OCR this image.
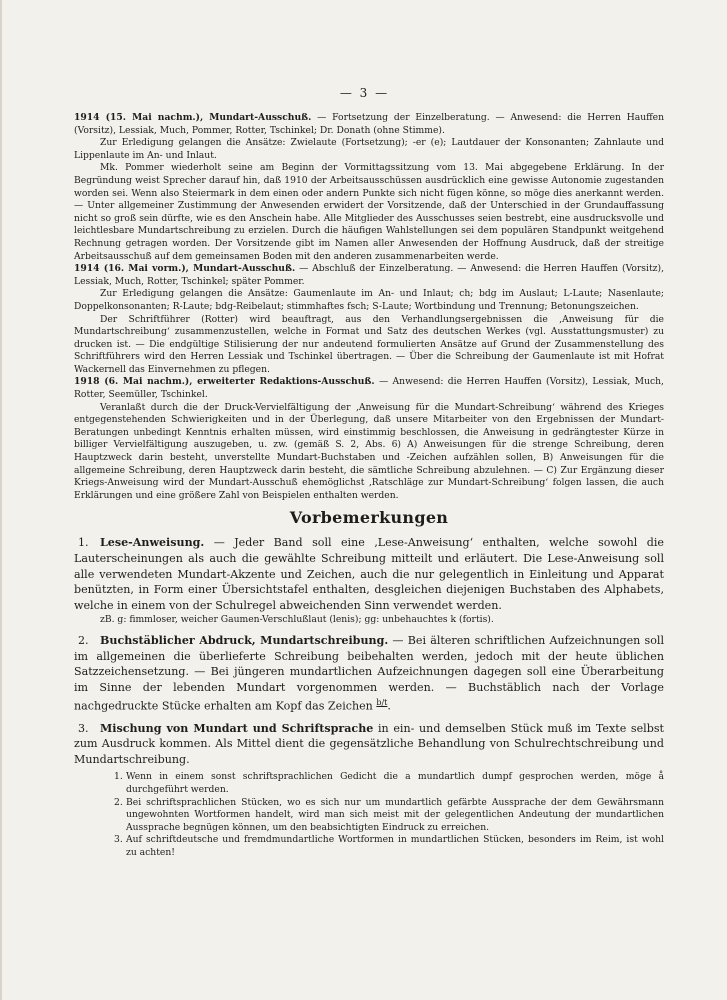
— 3 —

1914 (15. Mai nachm.), Mundart-Ausschuß. — Fortsetzung der Einzelberatung. — Anwesend: die Herren Hauffen (Vorsitz), Lessiak, Much, Pommer, Rotter, Tschinkel; Dr. Donath (ohne Stimme).

Zur Erledigung gelangen die Ansätze: Zwielaute (Fortsetzung); -er (e); Lautdauer der Konsonanten; Zahnlaute und Lippenlaute im An- und Inlaut.

Mk. Pommer wiederholt seine am Beginn der Vormittagssitzung vom 13. Mai abgegebene Erklärung. In der Begründung weist Sprecher darauf hin, daß 1910 der Arbeitsausschüssen ausdrücklich eine gewisse Autonomie zugestanden worden sei. Wenn also Steiermark in dem einen oder andern Punkte sich nicht fügen könne, so möge dies anerkannt werden. — Unter allgemeiner Zustimmung der Anwesenden erwidert der Vorsitzende, daß der Unterschied in der Grundauffassung nicht so groß sein dürfte, wie es den Anschein habe. Alle Mitglieder des Ausschusses seien bestrebt, eine ausdrucksvolle und leichtlesbare Mundartschreibung zu erzielen. Durch die häufigen Wahlstellungen sei dem populären Standpunkt weitgehend Rechnung getragen worden. Der Vorsitzende gibt im Namen aller Anwesenden der Hoffnung Ausdruck, daß der streitige Arbeitsausschuß auf dem gemeinsamen Boden mit den anderen zusammenarbeiten werde.

1914 (16. Mai vorm.), Mundart-Ausschuß. — Abschluß der Einzelberatung. — Anwesend: die Herren Hauffen (Vorsitz), Lessiak, Much, Rotter, Tschinkel; später Pommer.

Zur Erledigung gelangen die Ansätze: Gaumenlaute im An- und Inlaut; ch; bdg im Auslaut; L-Laute; Nasenlaute; Doppelkonsonanten; R-Laute; bdg-Reibelaut; stimmhaftes fsch; S-Laute; Wortbindung und Trennung; Betonungszeichen.

Der Schriftführer (Rotter) wird beauftragt, aus den Verhandlungsergebnissen die ‚Anweisung für die Mundartschreibung‘ zusammenzustellen, welche in Format und Satz des deutschen Werkes (vgl. Ausstattungsmuster) zu drucken ist. — Die endgültige Stilisierung der nur andeutend formulierten Ansätze auf Grund der Zusammenstellung des Schriftführers wird den Herren Lessiak und Tschinkel übertragen. — Über die Schreibung der Gaumenlaute ist mit Hofrat Wackernell das Einvernehmen zu pflegen.

1918 (6. Mai nachm.), erweiterter Redaktions-Ausschuß. — Anwesend: die Herren Hauffen (Vorsitz), Lessiak, Much, Rotter, Seemüller, Tschinkel.

Veranlaßt durch die der Druck-Vervielfältigung der ‚Anweisung für die Mundart-Schreibung‘ während des Krieges entgegenstehenden Schwierigkeiten und in der Überlegung, daß unsere Mitarbeiter von den Ergebnissen der Mundart-Beratungen unbedingt Kenntnis erhalten müssen, wird einstimmig beschlossen, die Anweisung in gedrängtester Kürze in billiger Vervielfältigung auszugeben, u. zw. (gemäß S. 2, Abs. 6) A) Anweisungen für die strenge Schreibung, deren Hauptzweck darin besteht, unverstellte Mundart-Buchstaben und -Zeichen aufzählen sollen, B) Anweisungen für die allgemeine Schreibung, deren Hauptzweck darin besteht, die sämtliche Schreibung abzulehnen. — C) Zur Ergänzung dieser Kriegs-Anweisung wird der Mundart-Ausschuß ehemöglichst ‚Ratschläge zur Mundart-Schreibung‘ folgen lassen, die auch Erklärungen und eine größere Zahl von Beispielen enthalten werden.

Vorbemerkungen
1. Lese-Anweisung. — Jeder Band soll eine ‚Lese-Anweisung‘ enthalten, welche sowohl die Lauterscheinungen als auch die gewählte Schreibung mitteilt und erläutert. Die Lese-Anweisung soll alle verwendeten Mundart-Akzente und Zeichen, auch die nur gelegentlich in Einleitung und Apparat benützten, in Form einer Übersichtstafel enthalten, desgleichen diejenigen Buchstaben des Alphabets, welche in einem von der Schulregel abweichenden Sinn verwendet werden.
zB. g: fimmloser, weicher Gaumen-Verschlußlaut (lenis); gg: unbehauchtes k (fortis).
2. Buchstäblicher Abdruck, Mundartschreibung. — Bei älteren schriftlichen Aufzeichnungen soll im allgemeinen die überlieferte Schreibung beibehalten werden, jedoch mit der heute üblichen Satzzeichensetzung. — Bei jüngeren mundartlichen Aufzeichnungen dagegen soll eine Überarbeitung im Sinne der lebenden Mundart vorgenommen werden. — Buchstäblich nach der Vorlage nachgedruckte Stücke erhalten am Kopf das Zeichen $^{b/t}$.
3. Mischung von Mundart und Schriftsprache in ein- und demselben Stück muß im Texte selbst zum Ausdruck kommen. Als Mittel dient die gegensätzliche Behandlung von Schulrechtschreibung und Mundartschreibung.
1. Wenn in einem sonst schriftsprachlichen Gedicht die a mundartlich dumpf gesprochen werden, möge å durchgeführt werden.
2. Bei schriftsprachlichen Stücken, wo es sich nur um mundartlich gefärbte Aussprache der dem Gewährsmann ungewohnten Wortformen handelt, wird man sich meist mit der gelegentlichen Andeutung der mundartlichen Aussprache begnügen können, um den beabsichtigten Eindruck zu erreichen.
3. Auf schriftdeutsche und fremdmundartliche Wortformen in mundartlichen Stücken, besonders im Reim, ist wohl zu achten!
